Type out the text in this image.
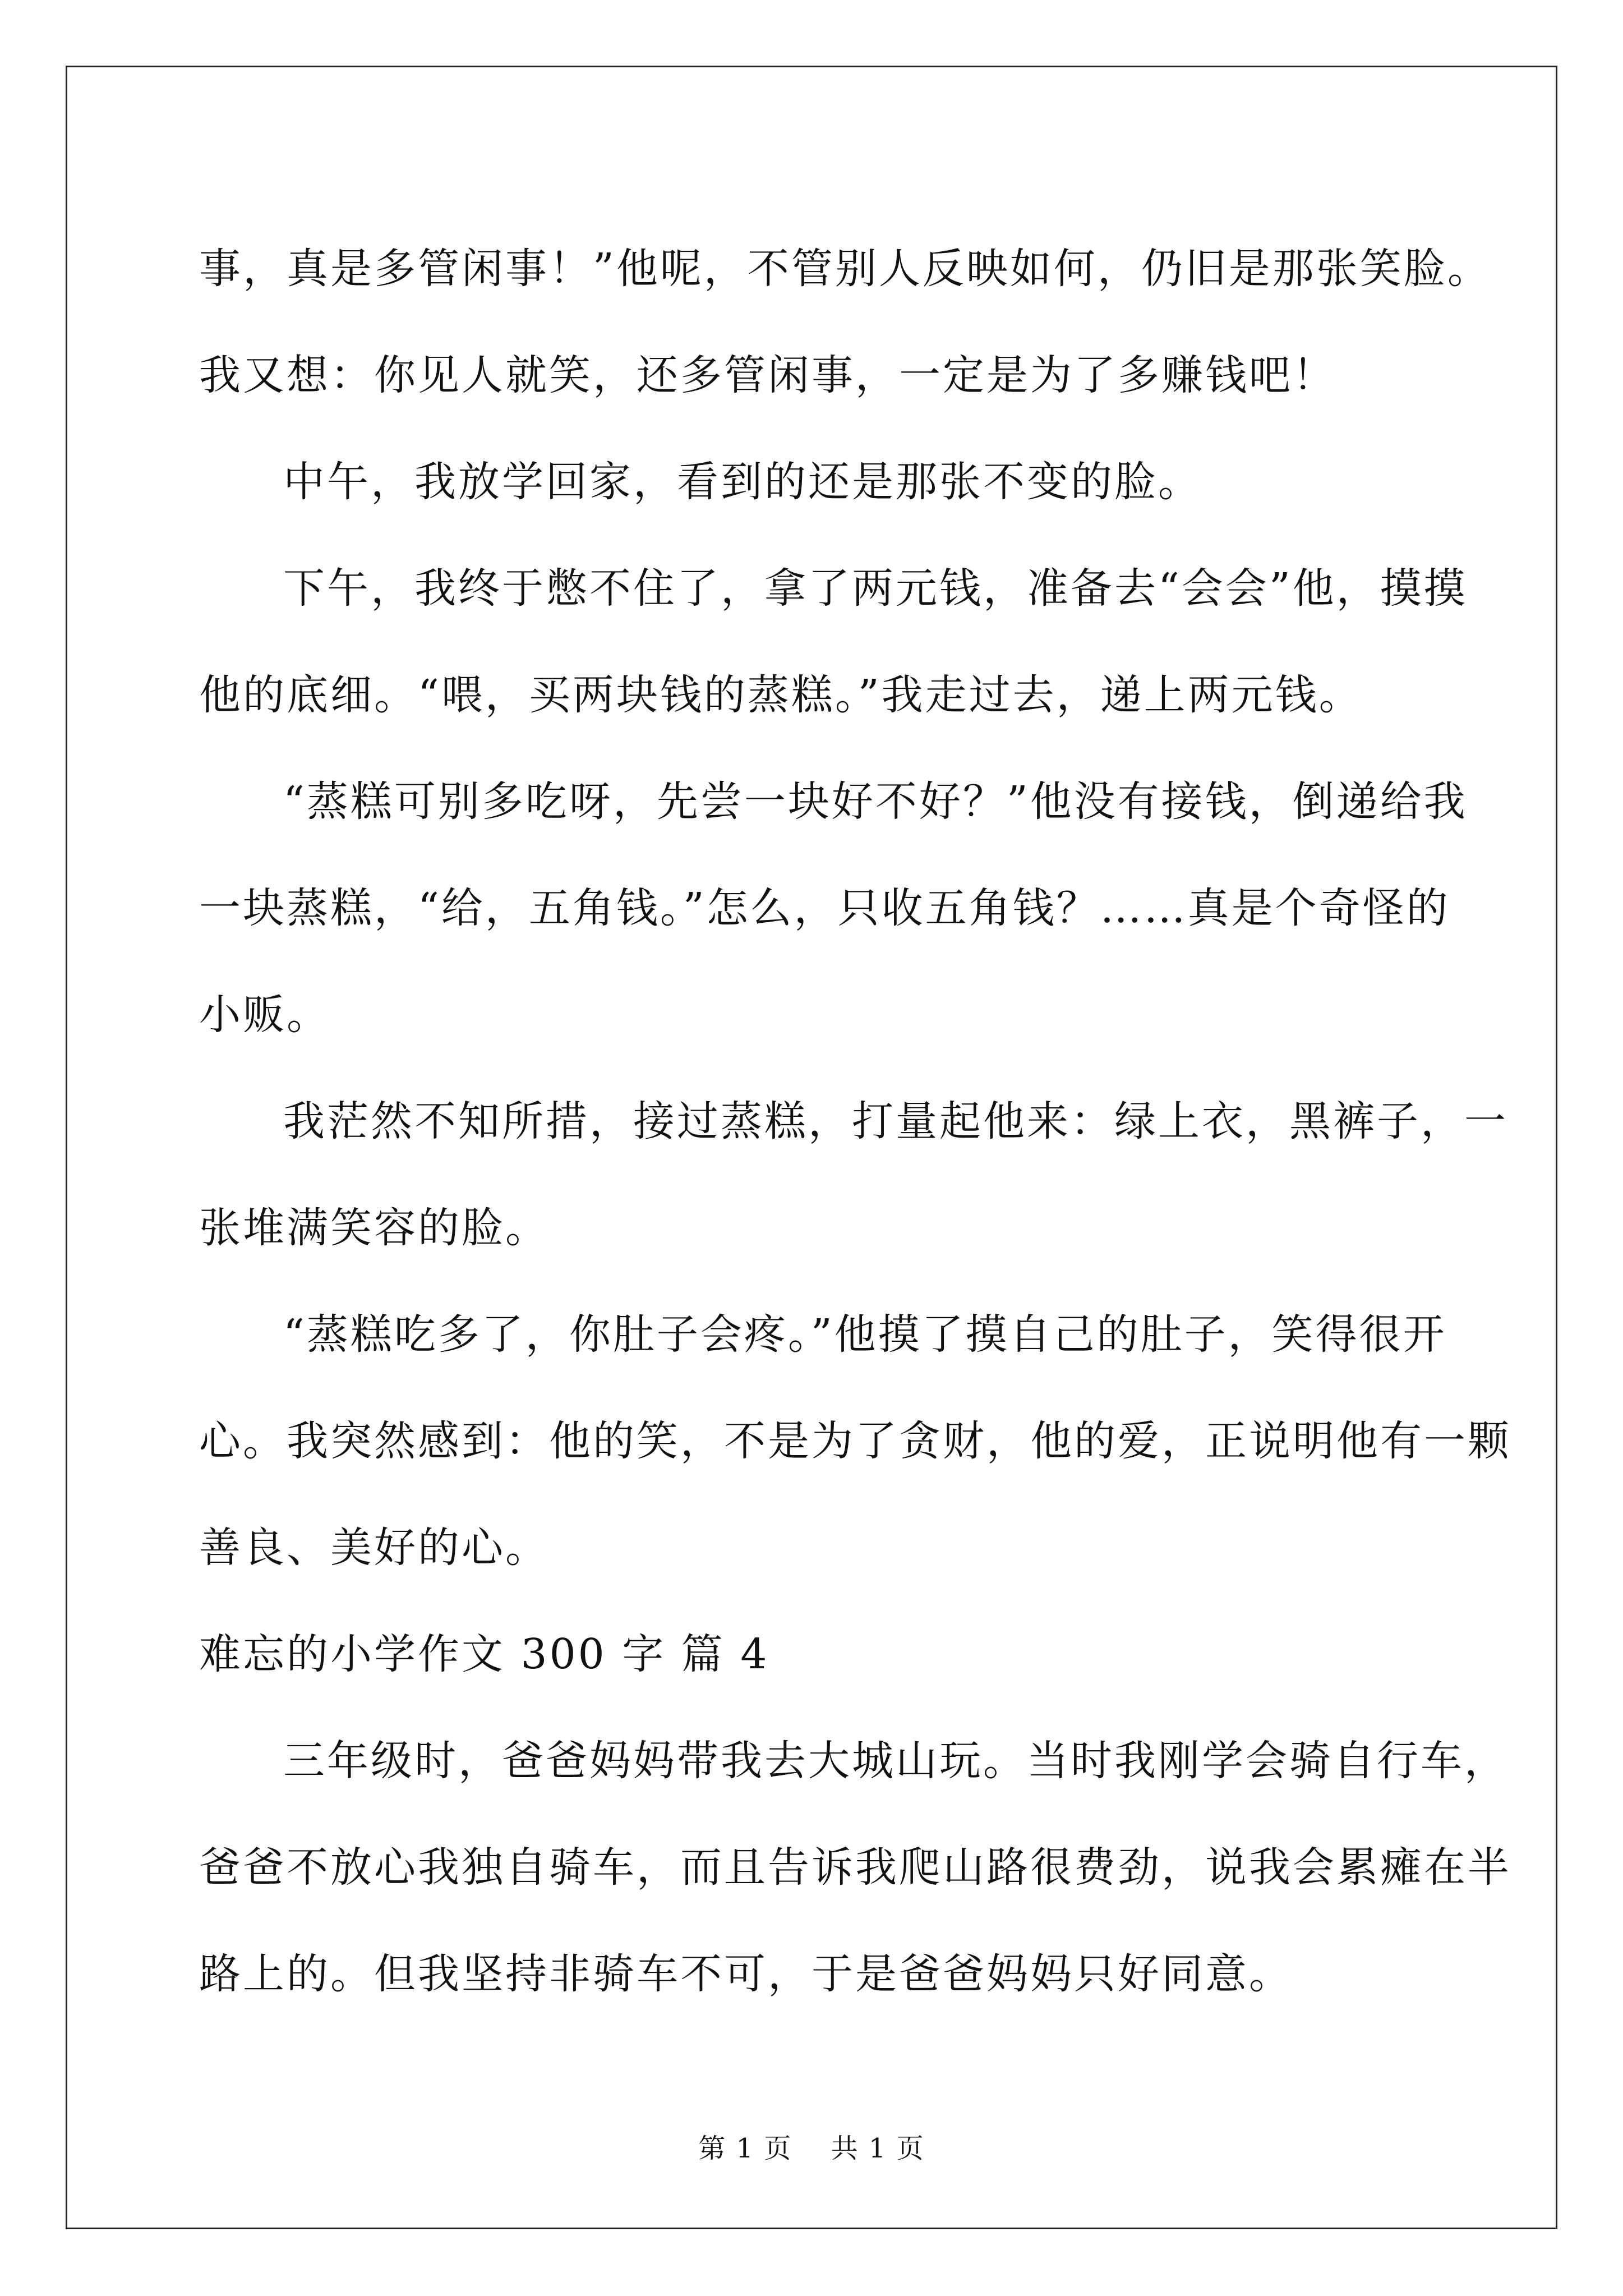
事，真是多管闲事！”他呢，不管别人反映如何，仍旧是那张笑脸。
我又想：你见人就笑，还多管闲事，一定是为了多赚钱吧！
中午，我放学回家，看到的还是那张不变的脸。
下午，我终于憋不住了，拿了两元钱，准备去“会会”他，摸摸
他的底细。“喂，买两块钱的蒸糕。”我走过去，递上两元钱。
“蒸糕可别多吃呀，先尝一块好不好？”他没有接钱，倒递给我
一块蒸糕，“给，五角钱。”怎么，只收五角钱？……真是个奇怪的
小贩。
我茫然不知所措，接过蒸糕，打量起他来：绿上衣，黑裤子，一
张堆满笑容的脸。
“蒸糕吃多了，你肚子会疼。”他摸了摸自己的肚子，笑得很开
心。我突然感到：他的笑，不是为了贪财，他的爱，正说明他有一颗
善良、美好的心。
难忘的小学作文 300 字 篇 4
三年级时，爸爸妈妈带我去大城山玩。当时我刚学会骑自行车，
爸爸不放心我独自骑车，而且告诉我爬山路很费劲，说我会累瘫在半
路上的。但我坚持非骑车不可，于是爸爸妈妈只好同意。
第 1 页 共 1 页
